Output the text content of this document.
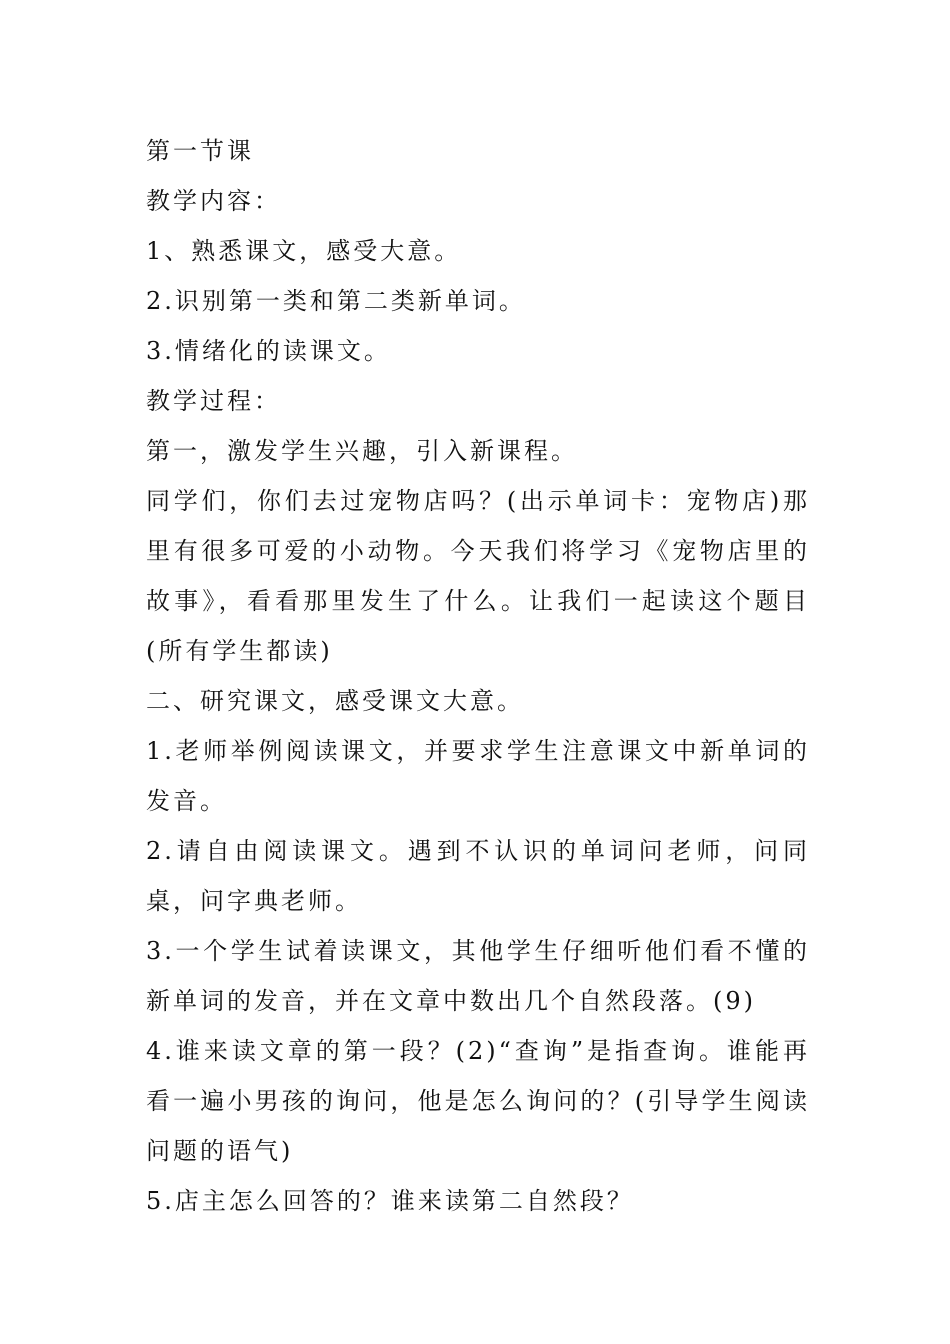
第一节课

教学内容：

1、熟悉课文，感受大意。

2.识别第一类和第二类新单词。

3.情绪化的读课文。

教学过程：

第一，激发学生兴趣，引入新课程。

同学们，你们去过宠物店吗？(出示单词卡：宠物店)那里有很多可爱的小动物。今天我们将学习《宠物店里的故事》，看看那里发生了什么。让我们一起读这个题目(所有学生都读)

二、研究课文，感受课文大意。

1.老师举例阅读课文，并要求学生注意课文中新单词的发音。

2.请自由阅读课文。遇到不认识的单词问老师，问同桌，问字典老师。

3.一个学生试着读课文，其他学生仔细听他们看不懂的新单词的发音，并在文章中数出几个自然段落。(9)

4.谁来读文章的第一段？(2)“查询”是指查询。谁能再看一遍小男孩的询问，他是怎么询问的？(引导学生阅读问题的语气)

5.店主怎么回答的？谁来读第二自然段？
